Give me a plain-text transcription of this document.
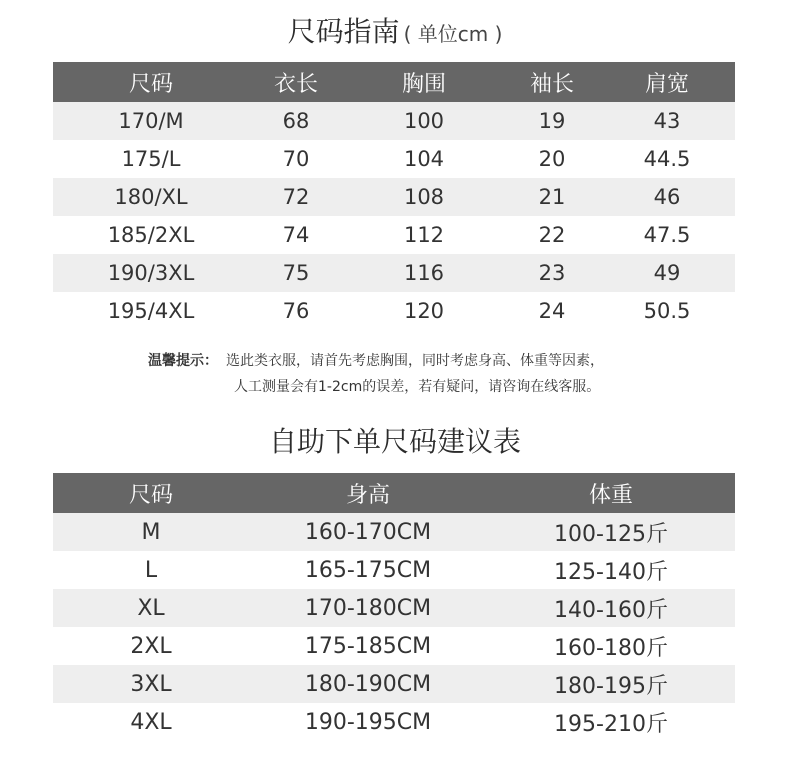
尺码指南 ( 单位cm )
尺码	衣长	胸围	袖长	肩宽
170/M	68	100	19	43
175/L	70	104	20	44.5
180/XL	72	108	21	46
185/2XL	74	112	22	47.5
190/3XL	75	116	23	49
195/4XL	76	120	24	50.5
温馨提示： 选此类衣服，请首先考虑胸围，同时考虑身高、体重等因素，
人工测量会有1-2cm的误差，若有疑问，请咨询在线客服。
自助下单尺码建议表
尺码	身高	体重
M	160-170CM	100-125斤
L	165-175CM	125-140斤
XL	170-180CM	140-160斤
2XL	175-185CM	160-180斤
3XL	180-190CM	180-195斤
4XL	190-195CM	195-210斤
